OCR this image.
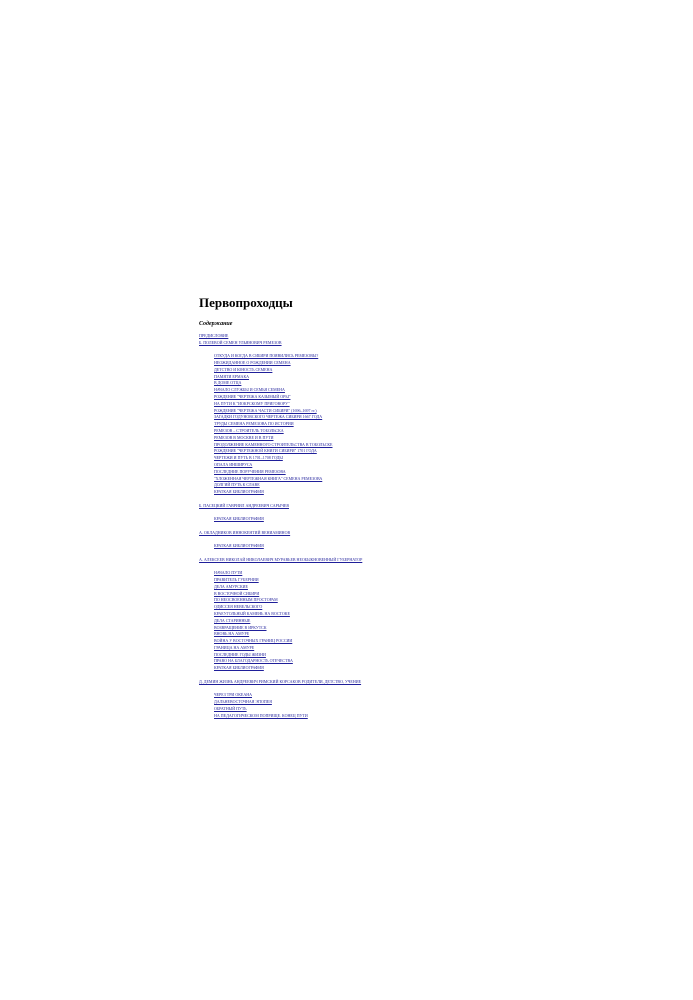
Первопроходцы
Содержание
ПРЕДИСЛОВИЕ
Б. ПОЛЕВОЙ СЕМЕН УЛЬЯНОВИЧ РЕМЕЗОВ
ОТКУДА И КОГДА В СИБИРИ ПОЯВИЛИСЬ РЕМЕЗОВЫ?
НЕОЖИДАННОЕ О РОЖДЕНИИ СЕМЕНА
ДЕТСТВО И ЮНОСТЬ СЕМЕНА
ПАМЯТИ ЕРМАКА
В ДОМЕ ОТЦА
НАЧАЛО СЛУЖБЫ И СЕМЬЯ СЕМЕНА
РОЖДЕНИЕ "ЧЕРТЕЖА КАЗЫМЫЙ ОРЫ"
НА ПУТИ К "ИОКРСКОМУ ПРИГОВОРУ"
РОЖДЕНИЕ "ЧЕРТЕЖА ЧАСТИ СИБИРИ" (1696–1697 гг.)
ЗАГАДКИ ГОДУНОВСКОГО ЧЕРТЕЖА СИБИРИ 1667 ГОДА
ТРУДЫ СЕМЕНА РЕМЕЗОВА ПО ИСТОРИИ
РЕМЕЗОВ – СТРОИТЕЛЬ ТОБОЛЬСКА
РЕМЕЗОВ В МОСКВЕ И В ПУТИ
ПРОДОЛЖЕНИЕ КАМЕННОГО СТРОИТЕЛЬСТВА В ТОБОЛЬСКЕ
РОЖДЕНИЕ "ЧЕРТЕЖНОЙ КНИГИ СИБИРИ" 1701 ГОДА
ЧЕРТЕЖИ И ПУТЬ В 1701–1708 ГОДЫ
ОПАЛА ИНШИРУСА
ПОСЛЕДНИЕ ПОРУЧЕНИЯ РЕМЕЗОВА
"ХЛОЖЕННАЯ ЧЕРТЕЖНАЯ КНИГА" СЕМЕНА РЕМЕЗОВА
ДОЛГИЙ ПУТЬ К СЛАВЕ
КРАТКАЯ БИБЛИОГРАФИЯ
Б. ПАСЕЦКИЙ ГАВРИИЛ АНДРЕЕВИЧ САРЫЧЕВ
КРАТКАЯ БИБЛИОГРАФИЯ
А. ОКЛАДНИКОВ ИННОКЕНТИЙ ВЕНИАМИНОВ
КРАТКАЯ БИБЛИОГРАФИЯ
А. АЛЕКСЕЕВ НИКОЛАЙ НИКОЛАЕВИЧ МУРАВЬЕВ НЕОБЫКНОВЕННЫЙ ГУБЕРНАТОР
НАЧАЛО ПУТИ
ПРАВИТЕЛЬ ГУБЕРНИИ
ДЕЛА АМУРСКИЕ
В ВОСТОЧНОЙ СИБИРИ
ПО НЕОСВОЕННЫМ ПРОСТОРАМ
ОДИССЕЯ НЕВЕЛЬСКОГО
КРАЕУГОЛЬНЫЙ КАМЕНЬ НА ВОСТОКЕ
ДЕЛА СТАРИННЫЕ
ВОЗВРАЩЕНИЕ В ИРКУТСК
ВНОВЬ НА АМУРЕ
ВОЙНА У ВОСТОЧНЫХ ГРАНИЦ РОССИИ
ГРАНИЦА НА АМУРЕ
ПОСЛЕДНИЕ ГОДЫ ЖИЗНИ
ПРАВО НА БЛАГОДАРНОСТЬ ОТЕЧЕСТВА
КРАТКАЯ БИБЛИОГРАФИЯ
Д. ДЕМИН ЖИЗНЬ АНДРЕЕВИЧ РИМСКИЙ КОРСАКОВ РОДИТЕЛИ, ДЕТСТВО, УЧЕНИЕ
ЧЕРЕЗ ТРИ ОКЕАНА
ДАЛЬНЕВОСТОЧНАЯ ЭПОПЕЯ
ОБРАТНЫЙ ПУТЬ
НА ПЕДАГОГИЧЕСКОМ ПОПРИЩЕ. КОНЕЦ ПУТИ
